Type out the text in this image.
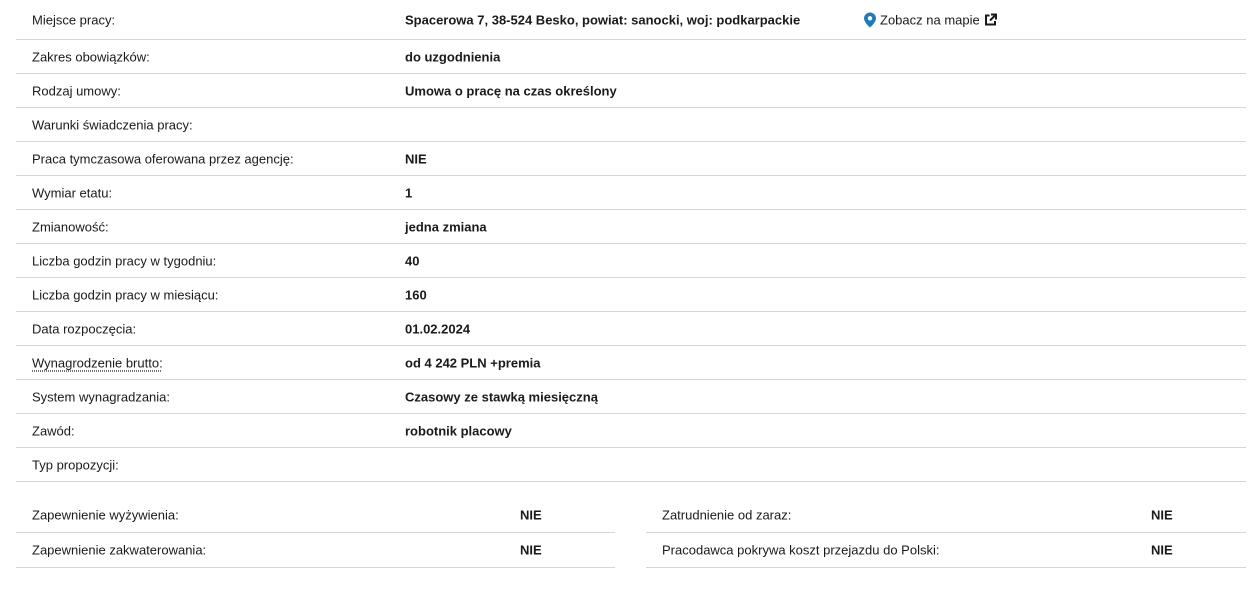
Miejsce pracy:	Spacerowa 7, 38-524 Besko, powiat: sanocki, woj: podkarpackie	Zobacz na mapie
Zakres obowiązków:	do uzgodnienia
Rodzaj umowy:	Umowa o pracę na czas określony
Warunki świadczenia pracy:
Praca tymczasowa oferowana przez agencję:	NIE
Wymiar etatu:	1
Zmianowość:	jedna zmiana
Liczba godzin pracy w tygodniu:	40
Liczba godzin pracy w miesiącu:	160
Data rozpoczęcia:	01.02.2024
Wynagrodzenie brutto:	od 4 242 PLN +premia
System wynagradzania:	Czasowy ze stawką miesięczną
Zawód:	robotnik placowy
Typ propozycji:
Zapewnienie wyżywienia:	NIE
Zapewnienie zakwaterowania:	NIE
Zatrudnienie od zaraz:	NIE
Pracodawca pokrywa koszt przejazdu do Polski:	NIE
